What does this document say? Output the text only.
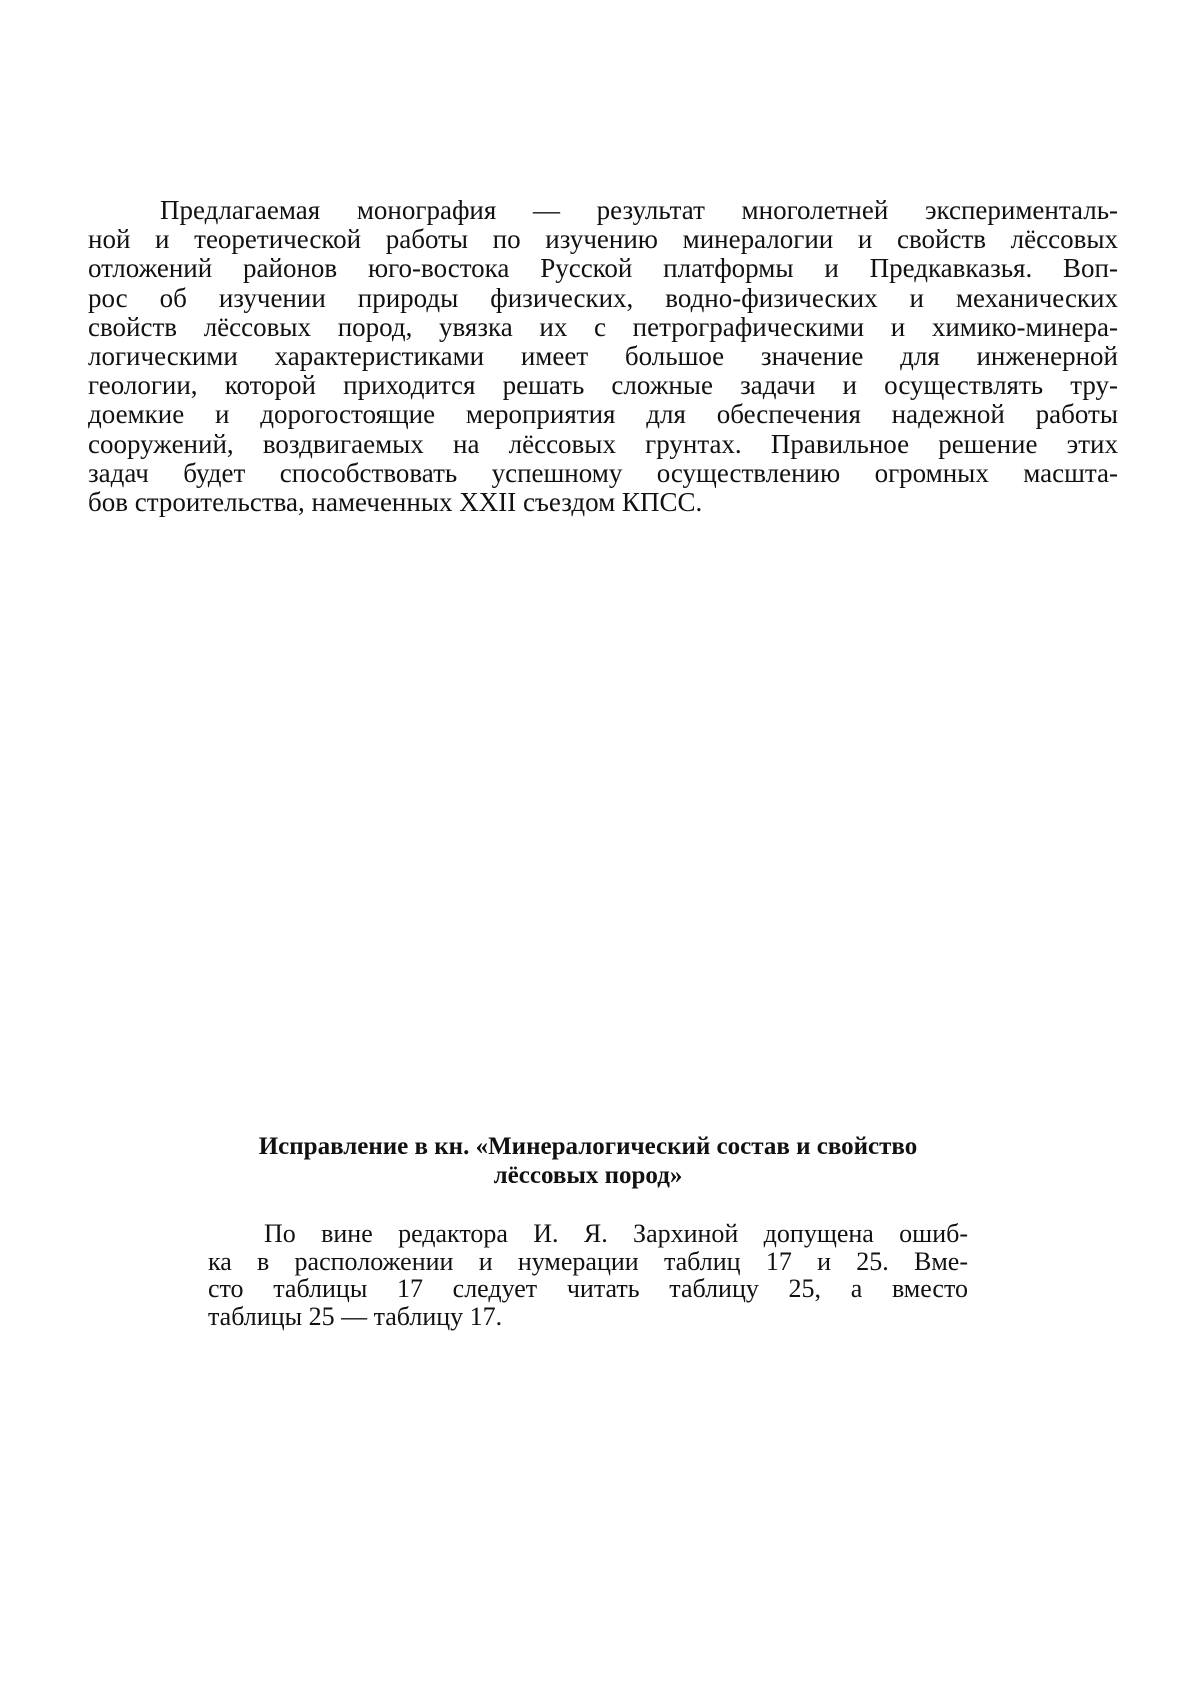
Предлагаемая монография — результат многолетней эксперименталь-
ной и теоретической работы по изучению минералогии и свойств лёссовых
отложений районов юго-востока Русской платформы и Предкавказья. Воп-
рос об изучении природы физических, водно-физических и механических
свойств лёссовых пород, увязка их с петрографическими и химико-минера-
логическими характеристиками имеет большое значение для инженерной
геологии, которой приходится решать сложные задачи и осуществлять тру-
доемкие и дорогостоящие мероприятия для обеспечения надежной работы
сооружений, воздвигаемых на лёссовых грунтах. Правильное решение этих
задач будет способствовать успешному осуществлению огромных масшта-
бов строительства, намеченных XXII съездом КПСС.
Исправление в кн. «Минералогический состав и свойство
лёссовых пород»
По вине редактора И. Я. Зархиной допущена ошиб-
ка в расположении и нумерации таблиц 17 и 25. Вме-
сто таблицы 17 следует читать таблицу 25, а вместо
таблицы 25 — таблицу 17.
